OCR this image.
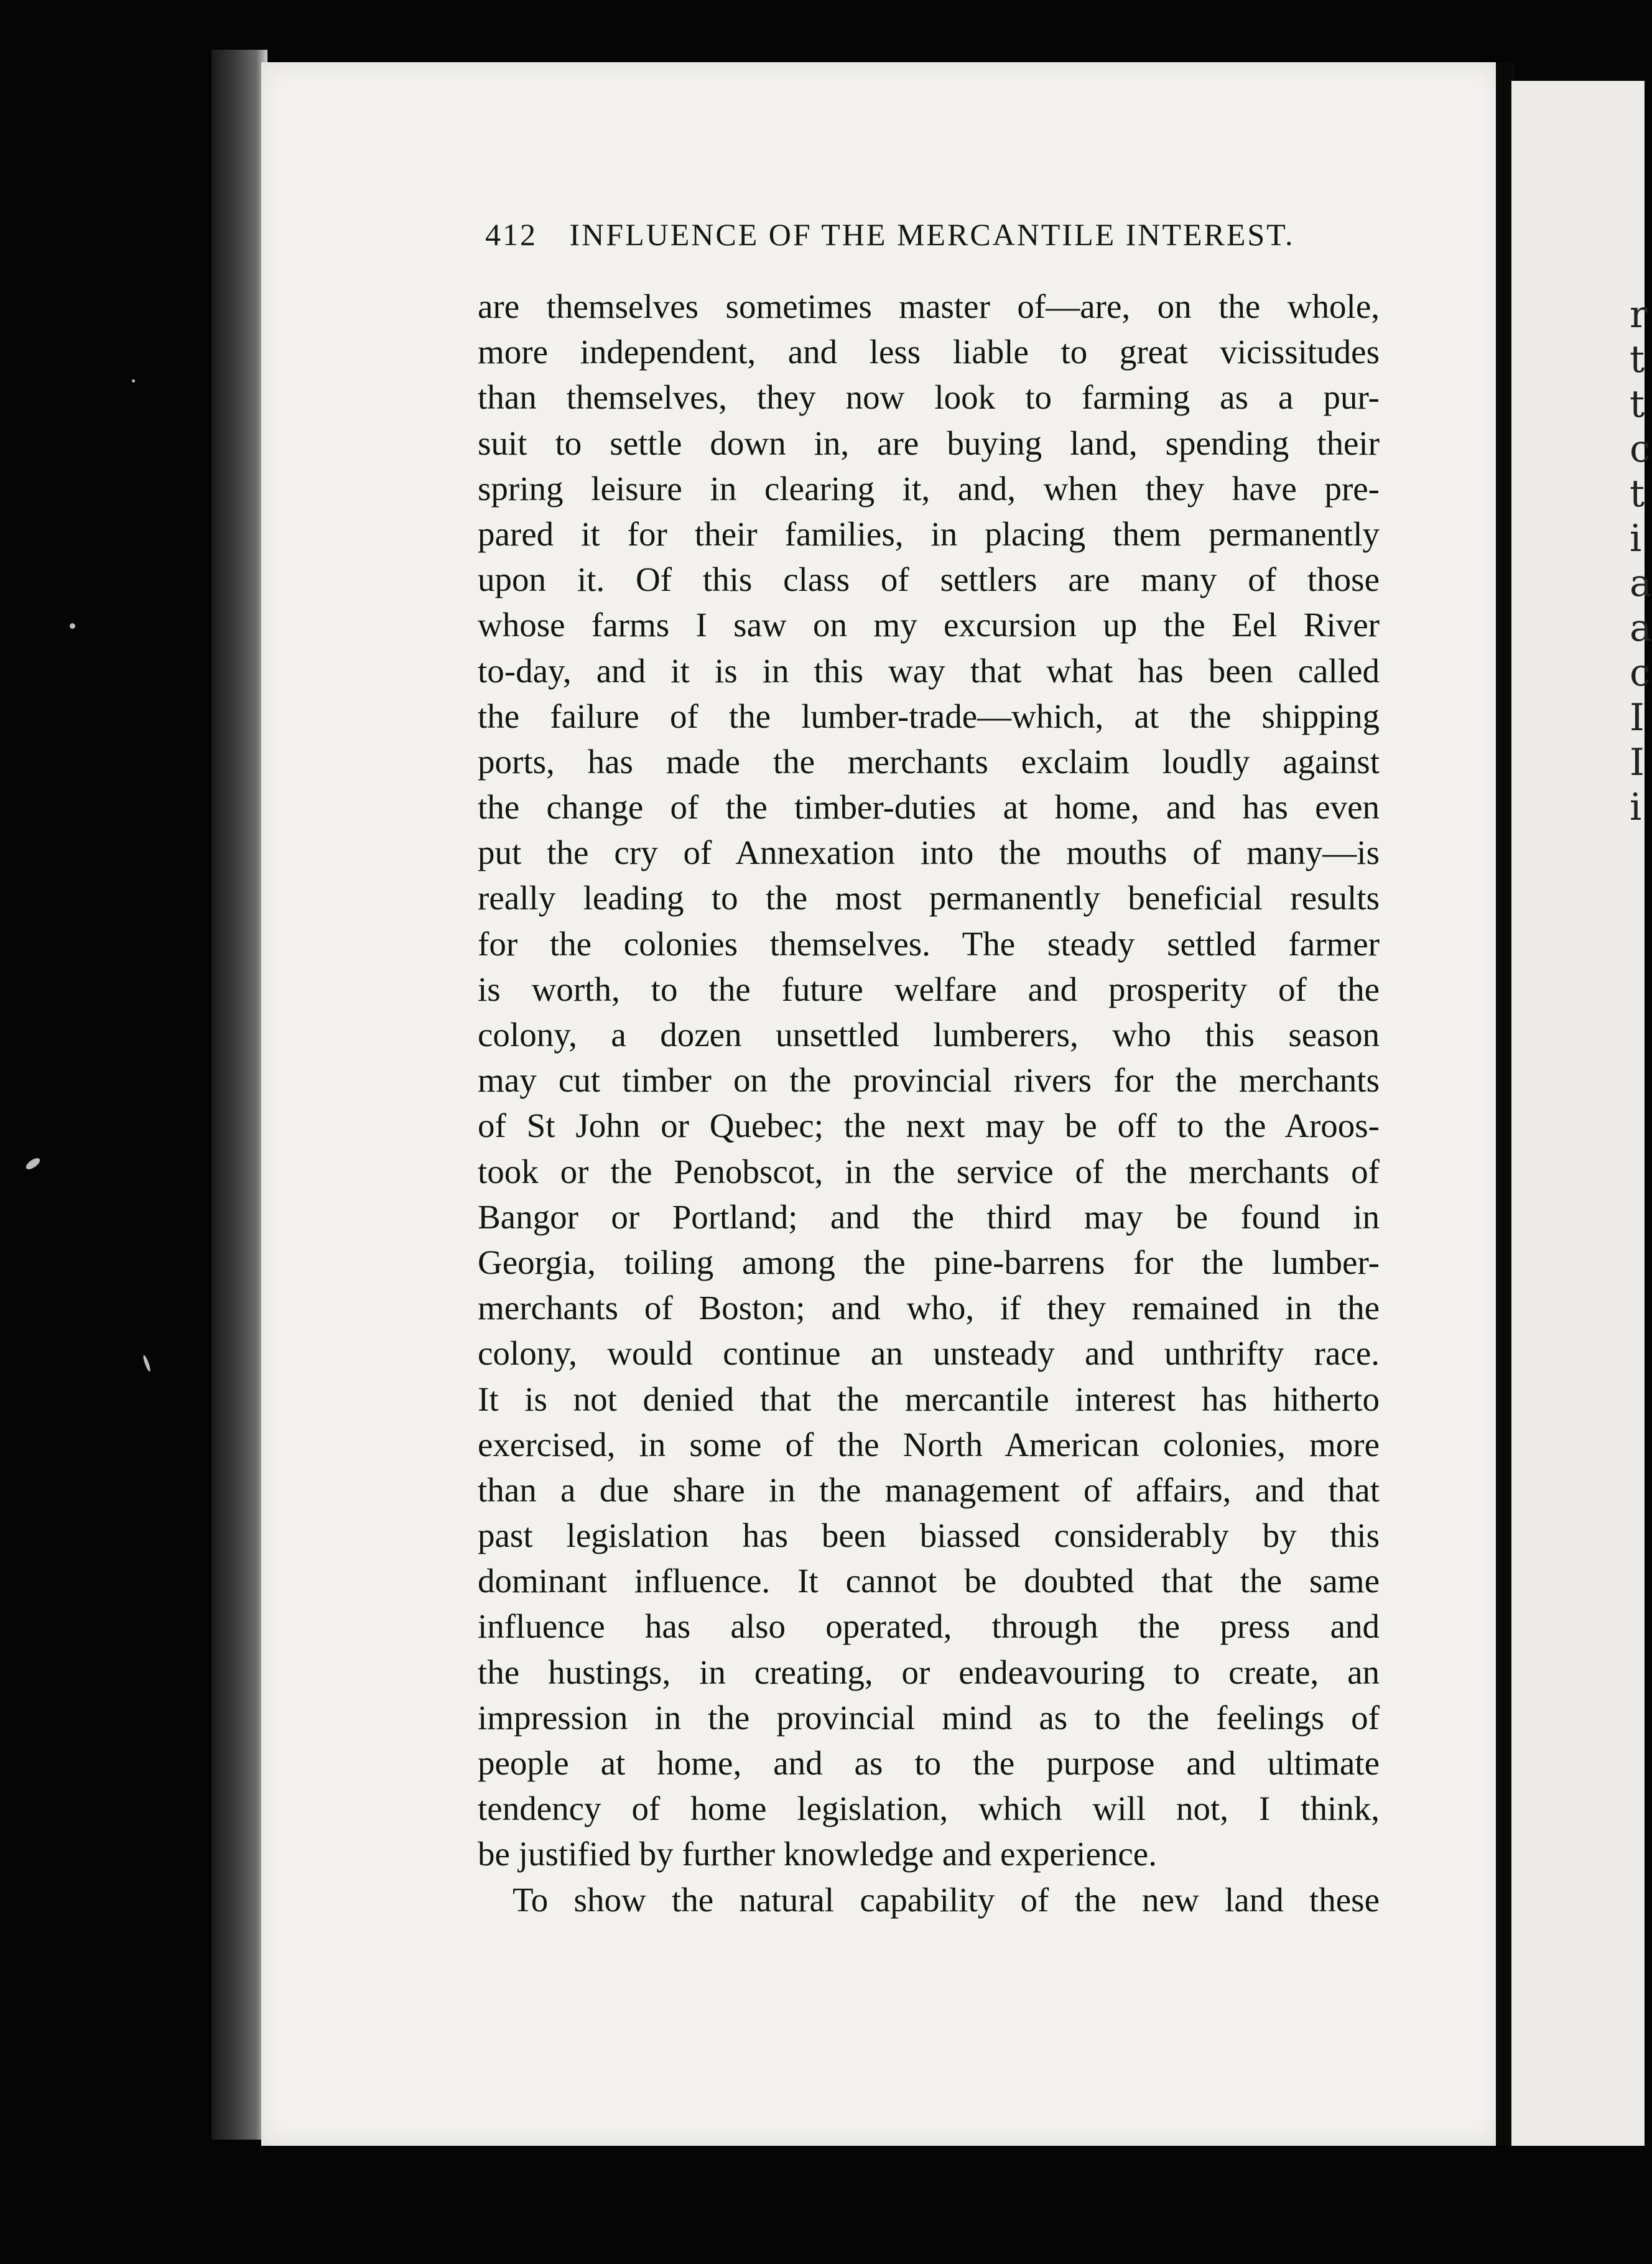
r
t
t
c
t
i
a
a
c
I
I
i
412 INFLUENCE OF THE MERCANTILE INTEREST.
are themselves sometimes master of—are, on the whole,
more independent, and less liable to great vicissitudes
than themselves, they now look to farming as a pur-
suit to settle down in, are buying land, spending their
spring leisure in clearing it, and, when they have pre-
pared it for their families, in placing them permanently
upon it. Of this class of settlers are many of those
whose farms I saw on my excursion up the Eel River
to-day, and it is in this way that what has been called
the failure of the lumber-trade—which, at the shipping
ports, has made the merchants exclaim loudly against
the change of the timber-duties at home, and has even
put the cry of Annexation into the mouths of many—is
really leading to the most permanently beneficial results
for the colonies themselves. The steady settled farmer
is worth, to the future welfare and prosperity of the
colony, a dozen unsettled lumberers, who this season
may cut timber on the provincial rivers for the merchants
of St John or Quebec; the next may be off to the Aroos-
took or the Penobscot, in the service of the merchants of
Bangor or Portland; and the third may be found in
Georgia, toiling among the pine-barrens for the lumber-
merchants of Boston; and who, if they remained in the
colony, would continue an unsteady and unthrifty race.
It is not denied that the mercantile interest has hitherto
exercised, in some of the North American colonies, more
than a due share in the management of affairs, and that
past legislation has been biassed considerably by this
dominant influence. It cannot be doubted that the same
influence has also operated, through the press and
the hustings, in creating, or endeavouring to create, an
impression in the provincial mind as to the feelings of
people at home, and as to the purpose and ultimate
tendency of home legislation, which will not, I think,
be justified by further knowledge and experience.
To show the natural capability of the new land these
